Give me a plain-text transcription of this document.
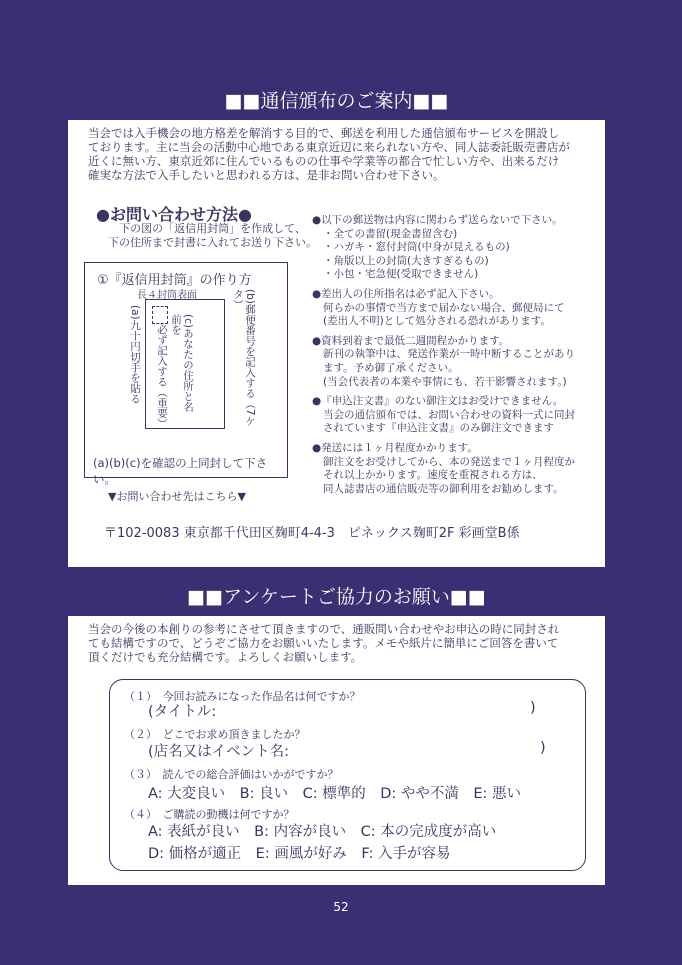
■■通信頒布のご案内■■
当会では入手機会の地方格差を解消する目的で、郵送を利用した通信頒布サービスを開設し
ております。主に当会の活動中心地である東京近辺に来られない方や、同人誌委託販売書店が
近くに無い方、東京近郊に住んでいるものの仕事や学業等の都合で忙しい方や、出来るだけ
確実な方法で入手したいと思われる方は、是非お問い合わせ下さい。
●お問い合わせ方法●
下の図の「返信用封筒」を作成して、
下の住所まで封書に入れてお送り下さい。
①『返信用封筒』の作り方
長４封筒表面
(c)あなたの住所と名前を
必ず記入する（重要）
(a)九十円切手を貼る	(b)郵便番号を記入する（7ケタ）
(a)(b)(c)を確認の上同封して下さい。
▼お問い合わせ先はこちら▼
〒102-0083 東京都千代田区麹町4-4-3　ピネックス麹町2F 彩画堂B係

●以下の郵送物は内容に関わらず送らないで下さい。
・全ての書留(現金書留含む)
・ハガキ・窓付封筒(中身が見えるもの)
・角版以上の封筒(大きすぎるもの)
・小包・宅急便(受取できません)

●差出人の住所指名は必ず記入下さい。
何らかの事情で当方まで届かない場合、郵便局にて
(差出人不明)として処分される恐れがあります。

●資料到着まで最低二週間程かかります。
新刊の執筆中は、発送作業が一時中断することがあり
ます。予め御了承ください。
(当会代表者の本業や事情にも、若干影響されます。)

●『申込注文書』のない御注文はお受けできません。
当会の通信頒布では、お問い合わせの資料一式に同封
されています『申込注文書』のみ御注文できます

●発送には１ヶ月程度かかります。
御注文をお受けしてから、本の発送まで１ヶ月程度か
それ以上かかります。速度を重視される方は、
同人誌書店の通信販売等の御利用をお勧めします。

■■アンケートご協力のお願い■■
当会の今後の本創りの参考にさせて頂きますので、通販問い合わせやお申込の時に同封され
ても結構ですので、どうぞご協力をお願いいたします。メモや紙片に簡単にご回答を書いて
頂くだけでも充分結構です。よろしくお願いします。
（１）　今回お読みになった作品名は何ですか？
(タイトル:	)
（２）　どこでお求め頂きましたか？
(店名又はイベント名:	)
（３）　読んでの総合評価はいかがですか？
A: 大変良い　B: 良い　C: 標準的　D: やや不満　E: 悪い
（４）　ご購読の動機は何ですか？
A: 表紙が良い　B: 内容が良い　C: 本の完成度が高い
D: 価格が適正　E: 画風が好み　F: 入手が容易
52
